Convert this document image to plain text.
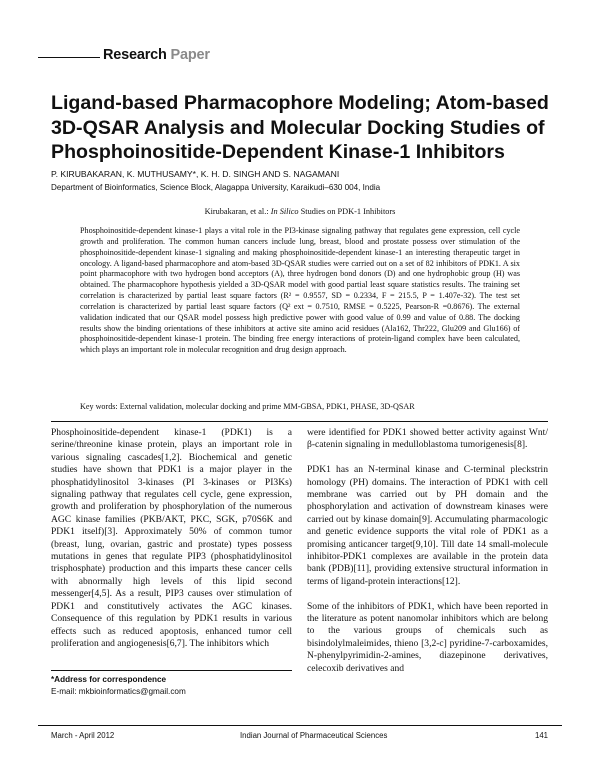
Research Paper
Ligand-based Pharmacophore Modeling; Atom-based 3D-QSAR Analysis and Molecular Docking Studies of Phosphoinositide-Dependent Kinase-1 Inhibitors
P. KIRUBAKARAN, K. MUTHUSAMY*, K. H. D. SINGH AND S. NAGAMANI
Department of Bioinformatics, Science Block, Alagappa University, Karaikudi–630 004, India
Kirubakaran, et al.: In Silico Studies on PDK-1 Inhibitors
Phosphoinositide-dependent kinase-1 plays a vital role in the PI3-kinase signaling pathway that regulates gene expression, cell cycle growth and proliferation. The common human cancers include lung, breast, blood and prostate possess over stimulation of the phosphoinositide-dependent kinase-1 signaling and making phosphoinositide-dependent kinase-1 an interesting therapeutic target in oncology. A ligand-based pharmacophore and atom-based 3D-QSAR studies were carried out on a set of 82 inhibitors of PDK1. A six point pharmacophore with two hydrogen bond acceptors (A), three hydrogen bond donors (D) and one hydrophobic group (H) was obtained. The pharmacophore hypothesis yielded a 3D-QSAR model with good partial least square statistics results. The training set correlation is characterized by partial least square factors (R² = 0.9557, SD = 0.2334, F = 215.5, P = 1.407e-32). The test set correlation is characterized by partial least square factors (Q² ext = 0.7510, RMSE = 0.5225, Pearson-R =0.8676). The external validation indicated that our QSAR model possess high predictive power with good value of 0.99 and value of 0.88. The docking results show the binding orientations of these inhibitors at active site amino acid residues (Ala162, Thr222, Glu209 and Glu166) of phosphoinositide-dependent kinase-1 protein. The binding free energy interactions of protein-ligand complex have been calculated, which plays an important role in molecular recognition and drug design approach.
Key words: External validation, molecular docking and prime MM-GBSA, PDK1, PHASE, 3D-QSAR

Phosphoinositide-dependent kinase-1 (PDK1) is a serine/threonine kinase protein, plays an important role in various signaling cascades[1,2]. Biochemical and genetic studies have shown that PDK1 is a major player in the phosphatidylinositol 3-kinases (PI 3-kinases or PI3Ks) signaling pathway that regulates cell cycle, gene expression, growth and proliferation by phosphorylation of the numerous AGC kinase families (PKB/AKT, PKC, SGK, p70S6K and PDK1 itself)[3]. Approximately 50% of common tumor (breast, lung, ovarian, gastric and prostate) types possess mutations in genes that regulate PIP3 (phosphatidylinositol trisphosphate) production and this imparts these cancer cells with abnormally high levels of this lipid second messenger[4,5]. As a result, PIP3 causes over stimulation of PDK1 and constitutively activates the AGC kinases. Consequence of this regulation by PDK1 results in various effects such as reduced apoptosis, enhanced tumor cell proliferation and angiogenesis[6,7]. The inhibitors which

were identified for PDK1 showed better activity against Wnt/β-catenin signaling in medulloblastoma tumorigenesis[8].

PDK1 has an N-terminal kinase and C-terminal pleckstrin homology (PH) domains. The interaction of PDK1 with cell membrane was carried out by PH domain and the phosphorylation and activation of downstream kinases were carried out by kinase domain[9]. Accumulating pharmacologic and genetic evidence supports the vital role of PDK1 as a promising anticancer target[9,10]. Till date 14 small-molecule inhibitor-PDK1 complexes are available in the protein data bank (PDB)[11], providing extensive structural information in terms of ligand-protein interactions[12].

Some of the inhibitors of PDK1, which have been reported in the literature as potent nanomolar inhibitors which are belong to the various groups of chemicals such as bisindolylmaleimides, thieno [3,2-c] pyridine-7-carboxamides, N-phenylpyrimidin-2-amines, diazepinone derivatives, celecoxib derivatives and

*Address for correspondence
E-mail: mkbioinformatics@gmail.com
March - April 2012	Indian Journal of Pharmaceutical Sciences	141
